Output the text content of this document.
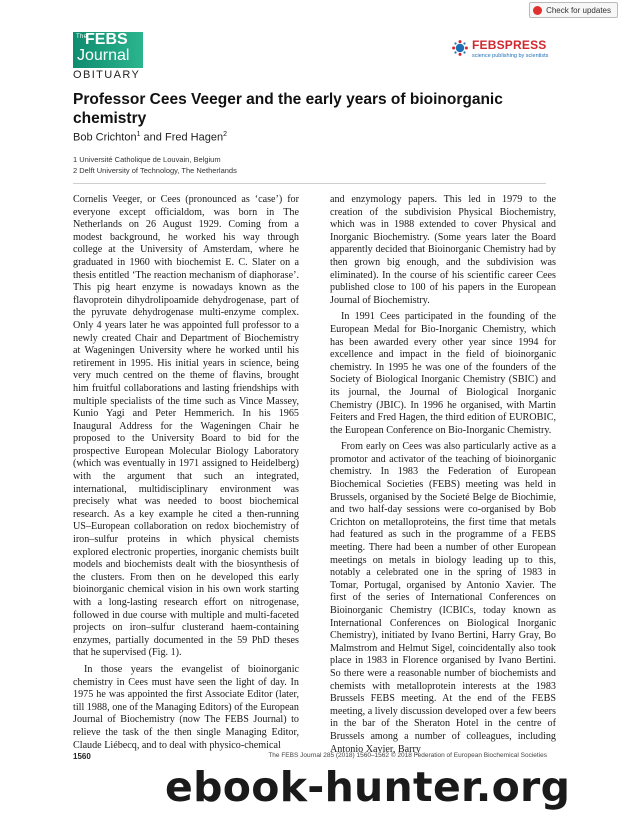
Check for updates
The
FEBS
Journal
OBITUARY
FEBSPRESS
science publishing by scientists
Professor Cees Veeger and the early years of bioinorganic chemistry
Bob Crichton$^1$ and Fred Hagen$^2$
1 Université Catholique de Louvain, Belgium
2 Delft University of Technology, The Netherlands

Cornelis Veeger, or Cees (pronounced as ‘case’) for everyone except officialdom, was born in The Netherlands on 26 August 1929. Coming from a modest background, he worked his way through college at the University of Amsterdam, where he graduated in 1960 with biochemist E. C. Slater on a thesis entitled ‘The reaction mechanism of diaphorase’. This pig heart enzyme is nowadays known as the flavoprotein dihydrolipoamide dehydrogenase, part of the pyruvate dehydrogenase multi-enzyme complex. Only 4 years later he was appointed full professor to a newly created Chair and Department of Biochemistry at Wageningen University where he worked until his retirement in 1995. His initial years in science, being very much centred on the theme of flavins, brought him fruitful collaborations and lasting friendships with multiple specialists of the time such as Vince Massey, Kunio Yagi and Peter Hemmerich. In his 1965 Inaugural Address for the Wageningen Chair he proposed to the University Board to bid for the prospective European Molecular Biology Laboratory (which was eventually in 1971 assigned to Heidelberg) with the argument that such an integrated, international, multidisciplinary environment was precisely what was needed to boost biochemical research. As a key example he cited a then-running US–European collaboration on redox biochemistry of iron–sulfur proteins in which physical chemists explored electronic properties, inorganic chemists built models and biochemists dealt with the biosynthesis of the clusters. From then on he developed this early bioinorganic chemical vision in his own work starting with a long-lasting research effort on nitrogenase, followed in due course with multiple and multi-faceted projects on iron–sulfur clusterand haem-containing enzymes, partially documented in the 59 PhD theses that he supervised (Fig. 1).

In those years the evangelist of bioinorganic chemistry in Cees must have seen the light of day. In 1975 he was appointed the first Associate Editor (later, till 1988, one of the Managing Editors) of the European Journal of Biochemistry (now The FEBS Journal) to relieve the task of the then single Managing Editor, Claude Liébecq, and to deal with physico-chemical

and enzymology papers. This led in 1979 to the creation of the subdivision Physical Biochemistry, which was in 1988 extended to cover Physical and Inorganic Biochemistry. (Some years later the Board apparently decided that Bioinorganic Chemistry had by then grown big enough, and the subdivision was eliminated). In the course of his scientific career Cees published close to 100 of his papers in the European Journal of Biochemistry.

In 1991 Cees participated in the founding of the European Medal for Bio-Inorganic Chemistry, which has been awarded every other year since 1994 for excellence and impact in the field of bioinorganic chemistry. In 1995 he was one of the founders of the Society of Biological Inorganic Chemistry (SBIC) and its journal, the Journal of Biological Inorganic Chemistry (JBIC). In 1996 he organised, with Martin Feiters and Fred Hagen, the third edition of EUROBIC, the European Conference on Bio-Inorganic Chemistry.

From early on Cees was also particularly active as a promotor and activator of the teaching of bioinorganic chemistry. In 1983 the Federation of European Biochemical Societies (FEBS) meeting was held in Brussels, organised by the Societé Belge de Biochimie, and two half-day sessions were co-organised by Bob Crichton on metalloproteins, the first time that metals had featured as such in the programme of a FEBS meeting. There had been a number of other European meetings on metals in biology leading up to this, notably a celebrated one in the spring of 1983 in Tomar, Portugal, organised by Antonio Xavier. The first of the series of International Conferences on Bioinorganic Chemistry (ICBICs, today known as International Conferences on Biological Inorganic Chemistry), initiated by Ivano Bertini, Harry Gray, Bo Malmstrom and Helmut Sigel, coincidentally also took place in 1983 in Florence organised by Ivano Bertini. So there were a reasonable number of biochemists and chemists with metalloprotein interests at the 1983 Brussels FEBS meeting. At the end of the FEBS meeting, a lively discussion developed over a few beers in the bar of the Sheraton Hotel in the centre of Brussels among a number of colleagues, including Antonio Xavier, Barry

1560	The FEBS Journal 285 (2018) 1560–1562 © 2018 Federation of European Biochemical Societies
ebook-hunter.org
